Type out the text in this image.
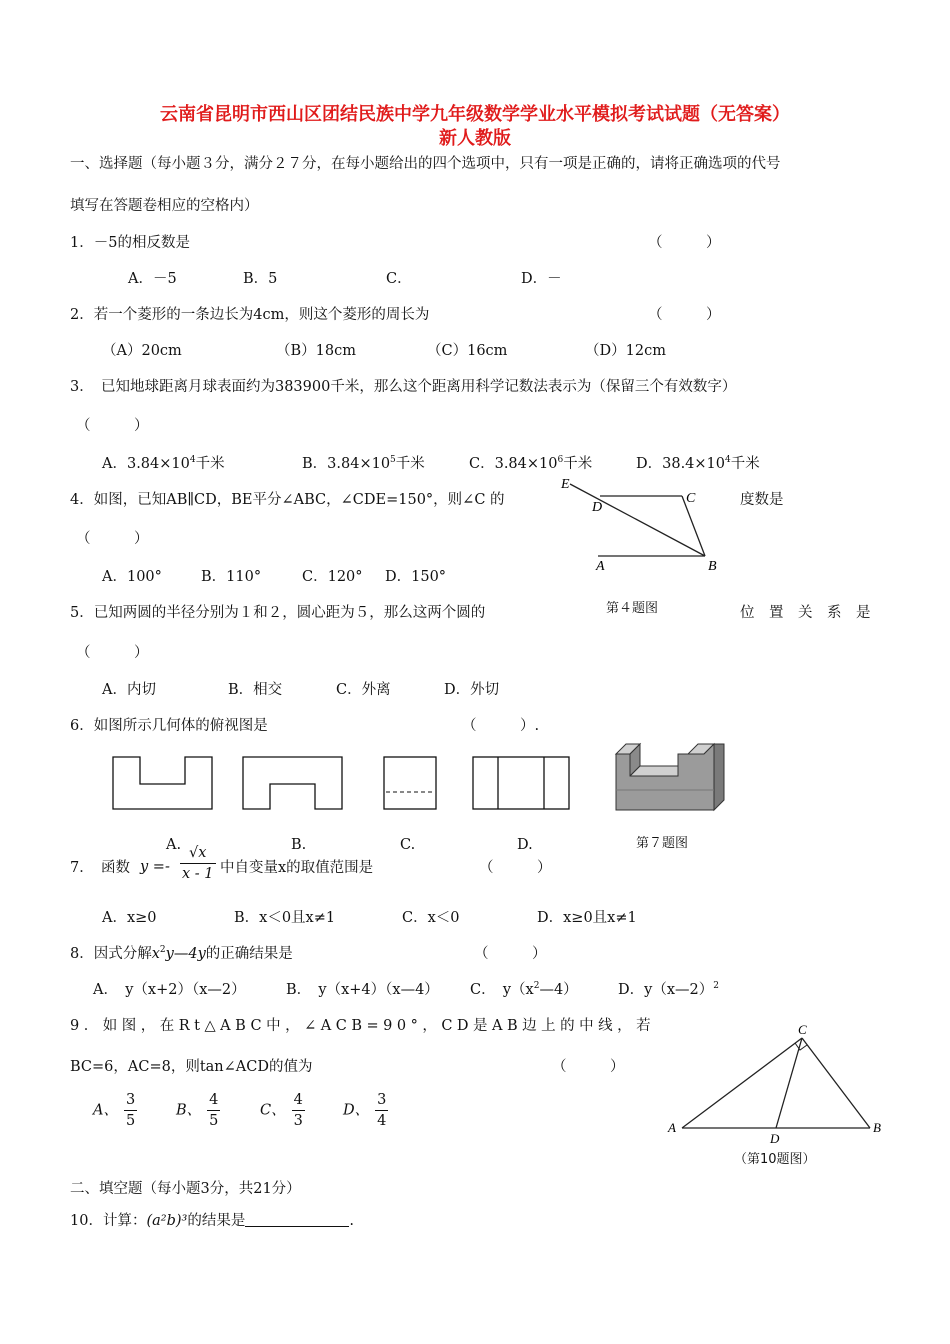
云南省昆明市西山区团结民族中学九年级数学学业水平模拟考试试题（无答案）
新人教版
一、选择题（每小题３分，满分２７分，在每小题给出的四个选项中，只有一项是正确的，请将正确选项的代号
填写在答题卷相应的空格内）
1．－5的相反数是	（　　　）
A．－5	B．5	C．	D．－
2．若一个菱形的一条边长为4cm，则这个菱形的周长为	（　　　）
（A）20cm	（B）18cm	（C）16cm	（D）12cm
3．　已知地球距离月球表面约为383900千米，那么这个距离用科学记数法表示为（保留三个有效数字）
（　　　）
A．$3.84\times 10^4$千米	B．$3.84\times 10^5$千米	C．$3.84\times 10^6$千米	D．$38.4\times 10^4$千米
4．如图，已知AB∥CD，BE平分∠ABC，∠CDE=150°，则∠C 的	度数是
（　　　）
A．100°	B．110°	C．120° D．150°
E
D
C
A	B
第４题图
5．已知两圆的半径分别为１和２，圆心距为５，那么这两个圆的	位　置　关　系　是
（　　　）
A．内切	B．相交	C．外离	D．外切
6．如图所示几何体的俯视图是	（　　　）.
A.	B.	C.	D.	第７题图
7．　函数 $y =- \frac{√x}{x - 1}$ 中自变量x的取值范围是	（　　　）
A．x≥0	B．x＜0且x≠1	C．x＜0	D．x≥0且x≠1
8．因式分解$x^2y—4y$的正确结果是	（　　　）
A．　y（x+2）（x—2）	B．　y（x+4）（x—4） C．　$y(x^2—4)$	D．y（x—2）$^2$
9．如图，在Rt△ABC中，∠ACB=90°，CD是AB边上的中线，若
BC=6，AC=8，则tan∠ACD的值为	（　　　）
A、 $\frac{3}{5}$	B、 $\frac{4}{5}$	C、 $\frac{4}{3}$	D、 $\frac{3}{4}$	A	B
C
D
（第10题图）
二、填空题（每小题3分，共21分）
10．计算：(a²b)³的结果是	.
